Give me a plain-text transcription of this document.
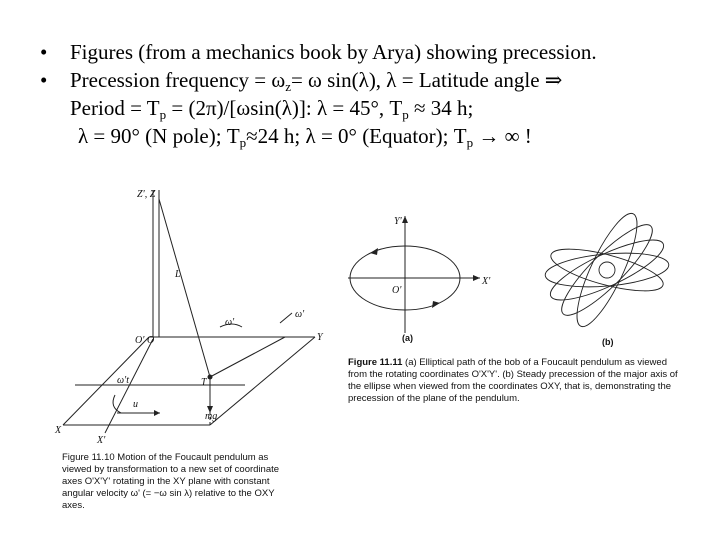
• Figures (from a mechanics book by Arya) showing precession.
• Precession frequency = $\omega_z= \omega$ sin(λ), λ = Latitude angle ⇒
Period = $T_p = (2\pi)/[\omega\sin(\lambda)]$: λ = 45°, $T_p \approx 34$ h;
λ = 90° (N pole); $T_p\approx 24$ h; λ = 0° (Equator); $T_p$ → ∞ !
Z', Z
L
ω'
ω'
ω't
u
O' O
T
mg
Y
X
X'
Figure 11.10 Motion of the Foucault pendulum as viewed by transformation to a new set of coordinate axes O'X'Y' rotating in the XY plane with constant angular velocity ω' (= −ω sin λ) relative to the OXY axes.
Y'
O'
X'
(a)	(b)
Figure 11.11 (a) Elliptical path of the bob of a Foucault pendulum as viewed from the rotating coordinates O'X'Y'. (b) Steady precession of the major axis of the ellipse when viewed from the coordinates OXY, that is, demonstrating the precession of the plane of the pendulum.
